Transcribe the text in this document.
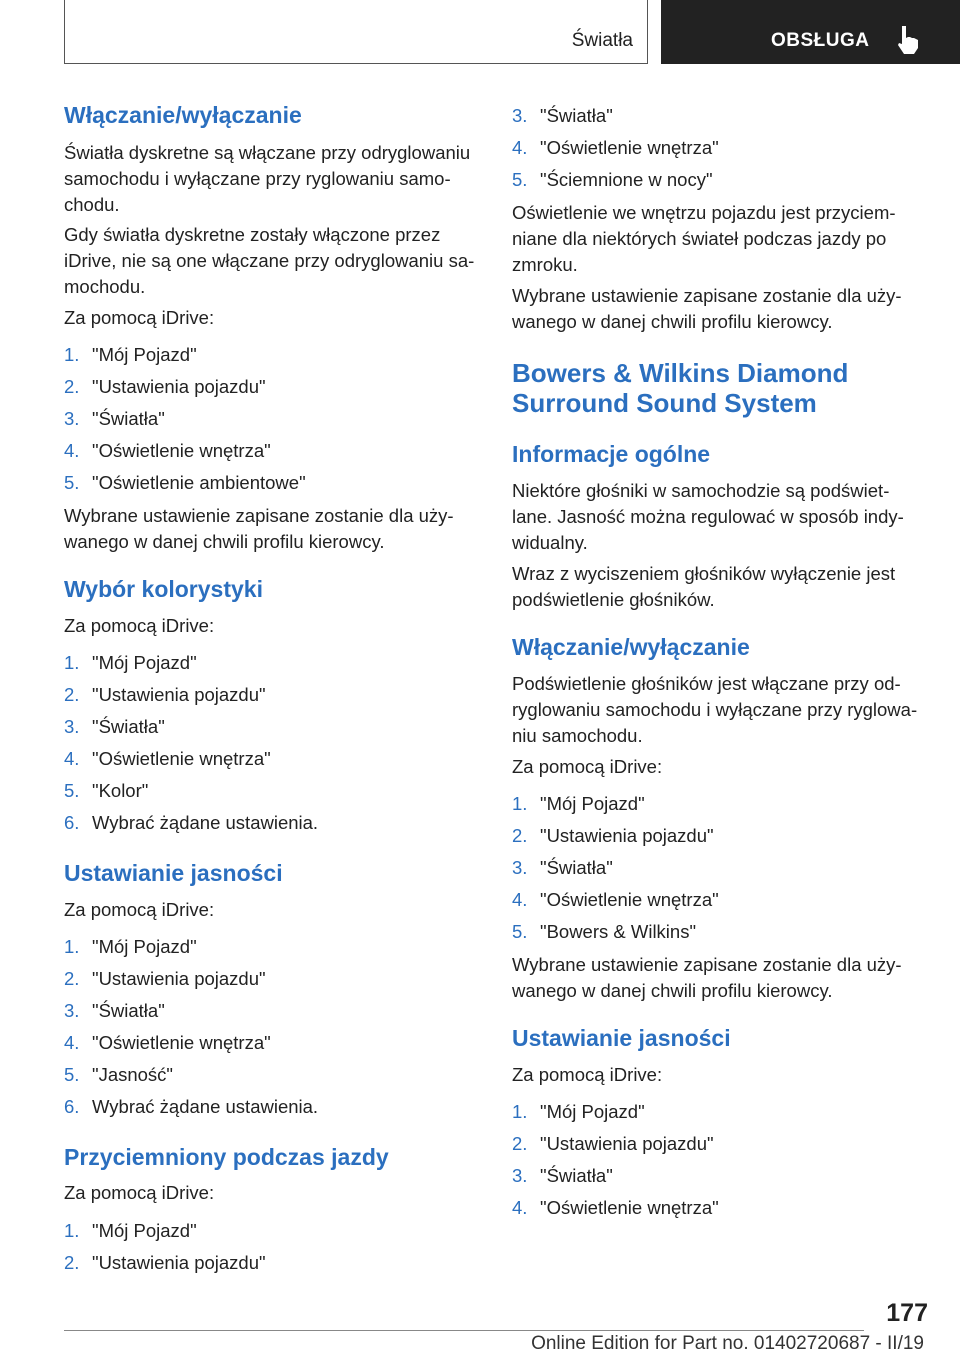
Światła	OBSŁUGA
Włączanie/wyłączanie
Światła dyskretne są włączane przy odryglowaniu
samochodu i wyłączane przy ryglowaniu samo-
chodu.
Gdy światła dyskretne zostały włączone przez
iDrive, nie są one włączane przy odryglowaniu sa-
mochodu.
Za pomocą iDrive:
1. "Mój Pojazd"
2. "Ustawienia pojazdu"
3. "Światła"
4. "Oświetlenie wnętrza"
5. "Oświetlenie ambientowe"
Wybrane ustawienie zapisane zostanie dla uży-
wanego w danej chwili profilu kierowcy.
Wybór kolorystyki
Za pomocą iDrive:
1. "Mój Pojazd"
2. "Ustawienia pojazdu"
3. "Światła"
4. "Oświetlenie wnętrza"
5. "Kolor"
6. Wybrać żądane ustawienia.
Ustawianie jasności
Za pomocą iDrive:
1. "Mój Pojazd"
2. "Ustawienia pojazdu"
3. "Światła"
4. "Oświetlenie wnętrza"
5. "Jasność"
6. Wybrać żądane ustawienia.
Przyciemniony podczas jazdy
Za pomocą iDrive:
1. "Mój Pojazd"
2. "Ustawienia pojazdu"
3. "Światła"
4. "Oświetlenie wnętrza"
5. "Ściemnione w nocy"
Oświetlenie we wnętrzu pojazdu jest przyciem-
niane dla niektórych świateł podczas jazdy po
zmroku.
Wybrane ustawienie zapisane zostanie dla uży-
wanego w danej chwili profilu kierowcy.
Bowers & Wilkins Diamond
Surround Sound System
Informacje ogólne
Niektóre głośniki w samochodzie są podświet-
lane. Jasność można regulować w sposób indy-
widualny.
Wraz z wyciszeniem głośników wyłączenie jest
podświetlenie głośników.
Włączanie/wyłączanie
Podświetlenie głośników jest włączane przy od-
ryglowaniu samochodu i wyłączane przy ryglowa-
niu samochodu.
Za pomocą iDrive:
1. "Mój Pojazd"
2. "Ustawienia pojazdu"
3. "Światła"
4. "Oświetlenie wnętrza"
5. "Bowers & Wilkins"
Wybrane ustawienie zapisane zostanie dla uży-
wanego w danej chwili profilu kierowcy.
Ustawianie jasności
Za pomocą iDrive:
1. "Mój Pojazd"
2. "Ustawienia pojazdu"
3. "Światła"
4. "Oświetlenie wnętrza"
177
Online Edition for Part no. 01402720687 - II/19
